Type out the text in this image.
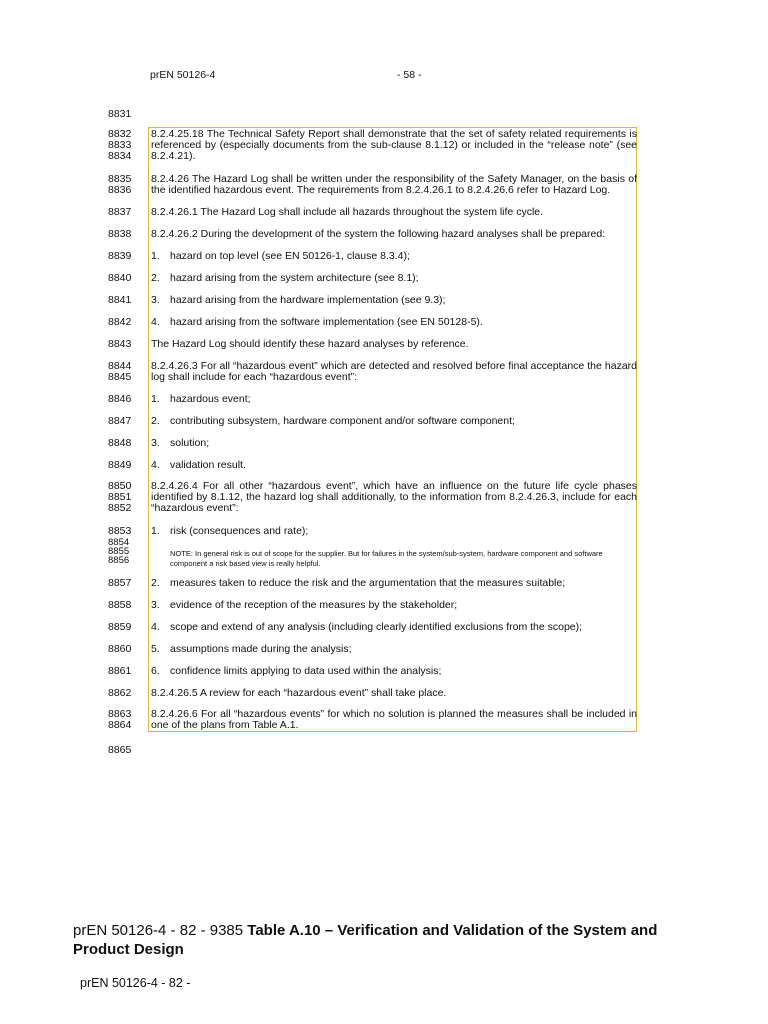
prEN 50126-4	- 58 -
8831
8832
8833
8834
8835
8836
8837
8838
8839
8840
8841
8842
8843
8844
8845
8846
8847
8848
8849
8850
8851
8852
8853
8854
8855
8856
8857
8858
8859
8860
8861
8862
8863
8864
8865
8.2.4.25.18 The Technical Safety Report shall demonstrate that the set of safety related requirements is referenced by (especially documents from the sub-clause 8.1.12) or included in the “release note” (see 8.2.4.21).
8.2.4.26 The Hazard Log shall be written under the responsibility of the Safety Manager, on the basis of the identified hazardous event. The requirements from 8.2.4.26.1 to 8.2.4.26.6 refer to Hazard Log.
8.2.4.26.1 The Hazard Log shall include all hazards throughout the system life cycle.
8.2.4.26.2 During the development of the system the following hazard analyses shall be prepared:
1. hazard on top level (see EN 50126-1, clause 8.3.4);
2. hazard arising from the system architecture (see 8.1);
3. hazard arising from the hardware implementation (see 9.3);
4. hazard arising from the software implementation (see EN 50128-5).
The Hazard Log should identify these hazard analyses by reference.
8.2.4.26.3 For all “hazardous event” which are detected and resolved before final acceptance the hazard log shall include for each “hazardous event”:
1. hazardous event;
2. contributing subsystem, hardware component and/or software component;
3. solution;
4. validation result.
8.2.4.26.4 For all other “hazardous event”, which have an influence on the future life cycle phases identified by 8.1.12, the hazard log shall additionally, to the information from 8.2.4.26.3, include for each “hazardous event”:
1. risk (consequences and rate);
NOTE: In general risk is out of scope for the supplier. But for failures in the system/sub-system, hardware component and software component a risk based view is really helpful.
2. measures taken to reduce the risk and the argumentation that the measures suitable;
3. evidence of the reception of the measures by the stakeholder;
4. scope and extend of any analysis (including clearly identified exclusions from the scope);
5. assumptions made during the analysis;
6. confidence limits applying to data used within the analysis;
8.2.4.26.5 A review for each “hazardous event” shall take place.
8.2.4.26.6 For all “hazardous events” for which no solution is planned the measures shall be included in one of the plans from Table A.1.
prEN 50126-4 - 82 - 9385 Table A.10 – Verification and Validation of the System and Product Design
prEN 50126-4 - 82 -
